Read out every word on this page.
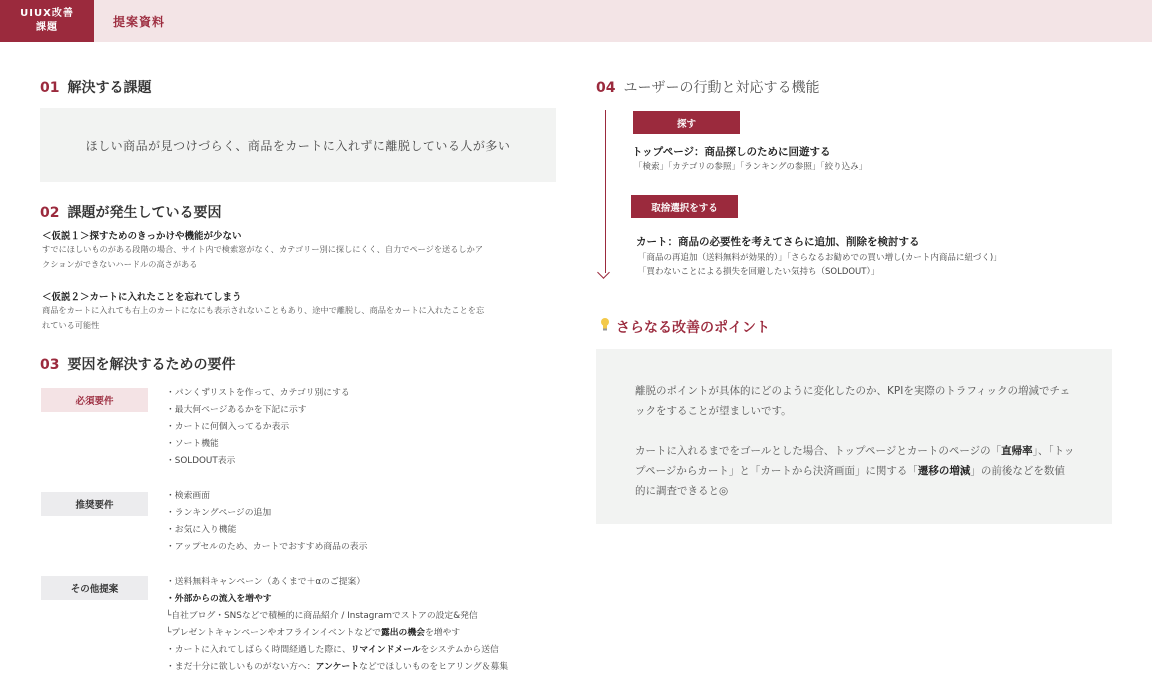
UIUX改善
課題	提案資料
01 解決する課題
ほしい商品が見つけづらく、商品をカートに入れずに離脱している人が多い
02 課題が発生している要因
＜仮説１＞探すためのきっかけや機能が少ない
すでにほしいものがある段階の場合、サイト内で検索窓がなく、カテゴリー別に探しにくく、自力でページを送るしかア
クションができないハードルの高さがある
＜仮説２＞カートに入れたことを忘れてしまう
商品をカートに入れても右上のカートになにも表示されないこともあり、途中で離脱し、商品をカートに入れたことを忘
れている可能性
03 要因を解決するための要件
必須要件
・パンくずリストを作って、カテゴリ別にする
・最大何ページあるかを下記に示す
・カートに何個入ってるか表示
・ソート機能
・SOLDOUT表示
推奨要件
・検索画面
・ランキングページの追加
・お気に入り機能
・アップセルのため、カートでおすすめ商品の表示
その他提案
・送料無料キャンペーン（あくまで＋αのご提案）
・外部からの流入を増やす
└自社ブログ・SNSなどで積極的に商品紹介 / Instagramでストアの設定&発信
└プレゼントキャンペーンやオフラインイベントなどで露出の機会を増やす
・カートに入れてしばらく時間経過した際に、リマインドメールをシステムから送信
・まだ十分に欲しいものがない方へ：アンケートなどでほしいものをヒアリング＆募集
04 ユーザーの行動と対応する機能
探す
トップページ：商品探しのために回遊する
「検索」「カテゴリの参照」「ランキングの参照」「絞り込み」
取捨選択をする
カート：商品の必要性を考えてさらに追加、削除を検討する
「商品の再追加（送料無料が効果的）」「さらなるお勧めでの買い増し(カート内商品に紐づく)」
「買わないことによる損失を回避したい気持ち（SOLDOUT）」
さらなる改善のポイント

離脱のポイントが具体的にどのように変化したのか、KPIを実際のトラフィックの増減でチェックをすることが望ましいです。

カートに入れるまでをゴールとした場合、トップページとカートのページの「直帰率」、「トップページからカート」と「カートから決済画面」に関する「遷移の増減」の前後などを数値的に調査できると◎
